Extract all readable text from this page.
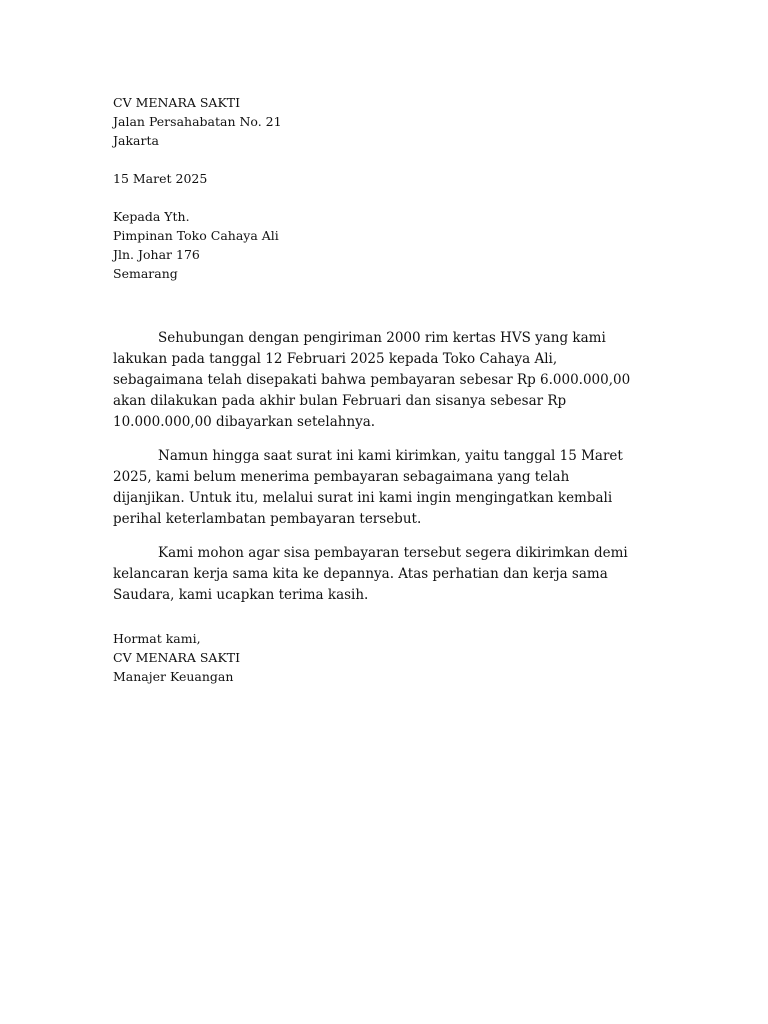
CV MENARA SAKTI
Jalan Persahabatan No. 21
Jakarta
15 Maret 2025
Kepada Yth.
Pimpinan Toko Cahaya Ali
Jln. Johar 176
Semarang

Sehubungan dengan pengiriman 2000 rim kertas HVS yang kami lakukan pada tanggal 12 Februari 2025 kepada Toko Cahaya Ali, sebagaimana telah disepakati bahwa pembayaran sebesar Rp 6.000.000,00 akan dilakukan pada akhir bulan Februari dan sisanya sebesar Rp 10.000.000,00 dibayarkan setelahnya.

Namun hingga saat surat ini kami kirimkan, yaitu tanggal 15 Maret 2025, kami belum menerima pembayaran sebagaimana yang telah dijanjikan. Untuk itu, melalui surat ini kami ingin mengingatkan kembali perihal keterlambatan pembayaran tersebut.

Kami mohon agar sisa pembayaran tersebut segera dikirimkan demi kelancaran kerja sama kita ke depannya. Atas perhatian dan kerja sama Saudara, kami ucapkan terima kasih.

Hormat kami,
CV MENARA SAKTI
Manajer Keuangan
